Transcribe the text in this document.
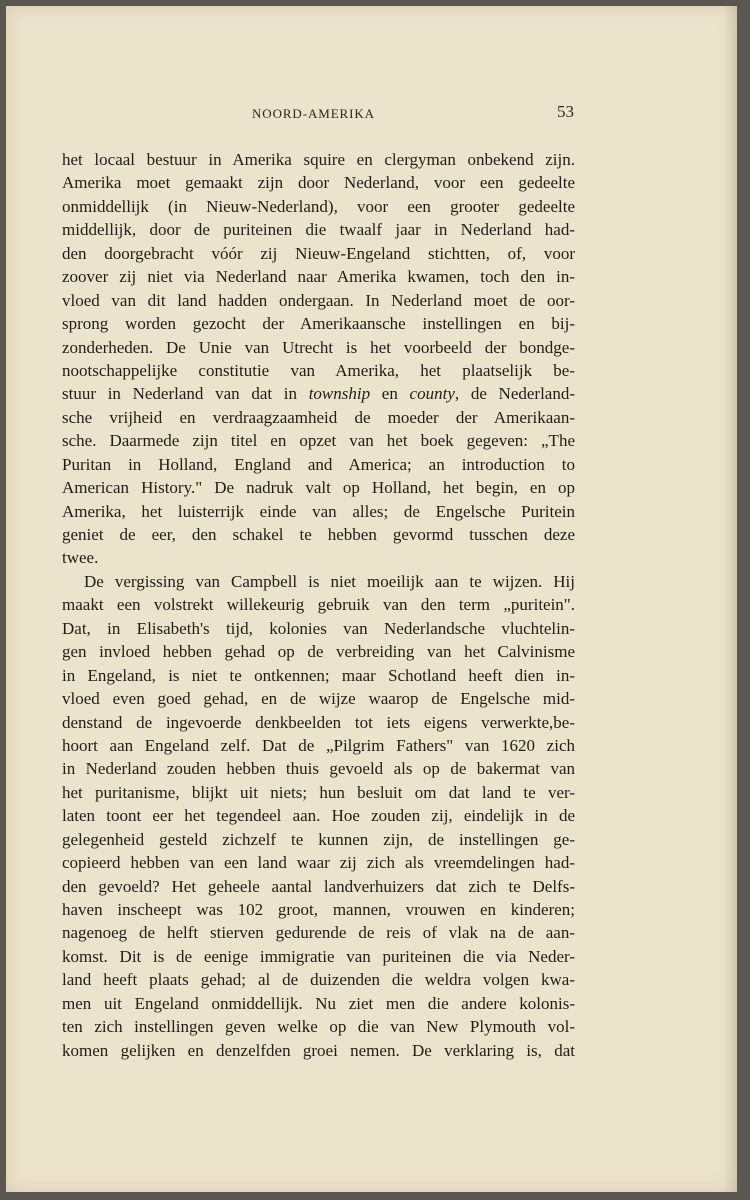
NOORD-AMERIKA	53
het locaal bestuur in Amerika squire en clergyman onbekend zijn.
Amerika moet gemaakt zijn door Nederland, voor een gedeelte
onmiddellijk (in Nieuw-Nederland), voor een grooter gedeelte
middellijk, door de puriteinen die twaalf jaar in Nederland had-
den doorgebracht vóór zij Nieuw-Engeland stichtten, of, voor
zoover zij niet via Nederland naar Amerika kwamen, toch den in-
vloed van dit land hadden ondergaan. In Nederland moet de oor-
sprong worden gezocht der Amerikaansche instellingen en bij-
zonderheden. De Unie van Utrecht is het voorbeeld der bondge-
nootschappelijke constitutie van Amerika, het plaatselijk be-
stuur in Nederland van dat in township en county, de Nederland-
sche vrijheid en verdraagzaamheid de moeder der Amerikaan-
sche. Daarmede zijn titel en opzet van het boek gegeven: „The
Puritan in Holland, England and America; an introduction to
American History." De nadruk valt op Holland, het begin, en op
Amerika, het luisterrijk einde van alles; de Engelsche Puritein
geniet de eer, den schakel te hebben gevormd tusschen deze
twee.
De vergissing van Campbell is niet moeilijk aan te wijzen. Hij
maakt een volstrekt willekeurig gebruik van den term „puritein".
Dat, in Elisabeth's tijd, kolonies van Nederlandsche vluchtelin-
gen invloed hebben gehad op de verbreiding van het Calvinisme
in Engeland, is niet te ontkennen; maar Schotland heeft dien in-
vloed even goed gehad, en de wijze waarop de Engelsche mid-
denstand de ingevoerde denkbeelden tot iets eigens verwerkte,be-
hoort aan Engeland zelf. Dat de „Pilgrim Fathers" van 1620 zich
in Nederland zouden hebben thuis gevoeld als op de bakermat van
het puritanisme, blijkt uit niets; hun besluit om dat land te ver-
laten toont eer het tegendeel aan. Hoe zouden zij, eindelijk in de
gelegenheid gesteld zichzelf te kunnen zijn, de instellingen ge-
copieerd hebben van een land waar zij zich als vreemdelingen had-
den gevoeld? Het geheele aantal landverhuizers dat zich te Delfs-
haven inscheept was 102 groot, mannen, vrouwen en kinderen;
nagenoeg de helft stierven gedurende de reis of vlak na de aan-
komst. Dit is de eenige immigratie van puriteinen die via Neder-
land heeft plaats gehad; al de duizenden die weldra volgen kwa-
men uit Engeland onmiddellijk. Nu ziet men die andere kolonis-
ten zich instellingen geven welke op die van New Plymouth vol-
komen gelijken en denzelfden groei nemen. De verklaring is, dat
